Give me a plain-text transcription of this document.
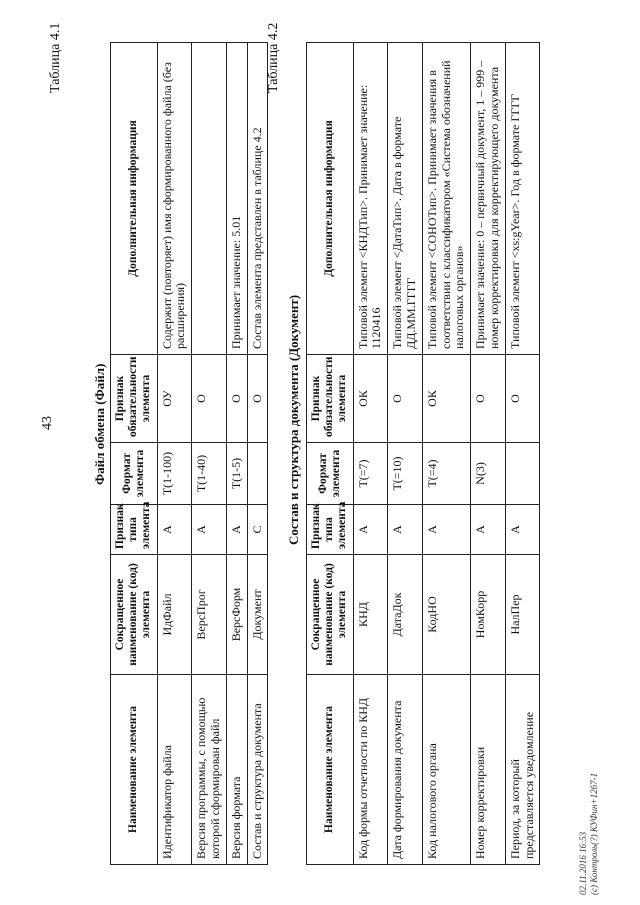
43
Таблица 4.1
Файл обмена (Файл)
Наименование элемента	Сокращенное наименование (код) элемента	Признак типа элемента	Формат элемента	Признак обязательности элемента	Дополнительная информация
Идентификатор файла	ИдФайл	А	Т(1-100)	ОУ	Содержит (повторяет) имя сформированного файла (без расширения)
Версия программы, с помощью которой сформирован файл	ВерсПрог	А	Т(1-40)	О	
Версия формата	ВерсФорм	А	Т(1-5)	О	Принимает значение: 5.01
Состав и структура документа	Документ	С		О	Состав элемента представлен в таблице 4.2
Таблица 4.2
Состав и структура документа (Документ)
Наименование элемента	Сокращенное наименование (код) элемента	Признак типа элемента	Формат элемента	Признак обязательности элемента	Дополнительная информация
Код формы отчетности по КНД	КНД	А	Т(=7)	ОК	Типовой элемент <КНДТип>. Принимает значение: 1120416
Дата формирования документа	ДатаДок	А	Т(=10)	О	Типовой элемент <ДатаТип>. Дата в формате ДД.ММ.ГГГГ
Код налогового органа	КодНО	А	Т(=4)	ОК	Типовой элемент <СОНОТип>. Принимает значения в соответствии с классификатором «Система обозначений налоговых органов»
Номер корректировки	НомКорр	А	N(3)	О	Принимает значение: 0 – первичный документ, 1 – 999 – номер корректировки для корректирующего документа
Период, за который представляется уведомление	НалПер	А		О	Типовой элемент <xs:gYear>. Год в формате ГГГГ
02.11.2016 16:53 (c) Контроль(?) КУФин+1267-1
